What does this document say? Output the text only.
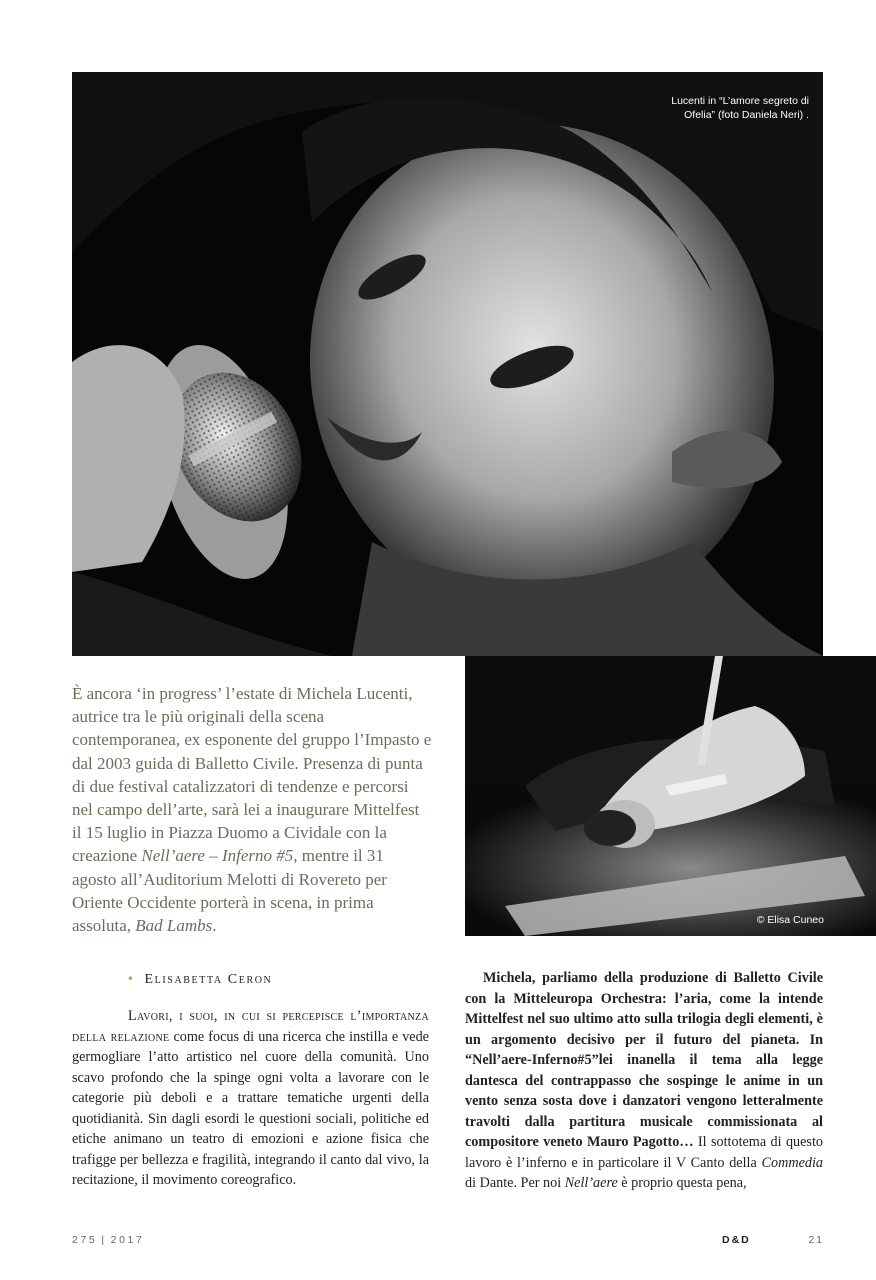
Lucenti in “L’amore segreto di Ofelia” (foto Daniela Neri) .
© Elisa Cuneo

È ancora ‘in progress’ l’estate di Michela Lucenti, autrice tra le più originali della scena contemporanea, ex esponente del gruppo l’Impasto e dal 2003 guida di Balletto Civile. Presenza di punta di due festival catalizzatori di tendenze e percorsi nel campo dell’arte, sarà lei a inaugurare Mittelfest il 15 luglio in Piazza Duomo a Cividale con la creazione Nell’aere – Inferno #5, mentre il 31 agosto all’Auditorium Melotti di Rovereto per Oriente Occidente porterà in scena, in prima assoluta, Bad Lambs.

• Elisabetta Ceron

Lavori, i suoi, in cui si percepisce l’importanza della relazione come focus di una ricerca che instilla e vede germogliare l’atto artistico nel cuore della comunità. Uno scavo profondo che la spinge ogni volta a lavorare con le categorie più deboli e a trattare tematiche urgenti della quotidianità. Sin dagli esordi le questioni sociali, politiche ed etiche animano un teatro di emozioni e azione fisica che trafigge per bellezza e fragilità, integrando il canto dal vivo, la recitazione, il movimento coreografico.

Michela, parliamo della produzione di Balletto Civile con la Mitteleuropa Orchestra: l’aria, come la intende Mittelfest nel suo ultimo atto sulla trilogia degli elementi, è un argomento decisivo per il futuro del pianeta. In “Nell’aere-Inferno#5”lei inanella il tema alla legge dantesca del contrappasso che sospinge le anime in un vento senza sosta dove i danzatori vengono letteralmente travolti dalla partitura musicale commissionata al compositore veneto Mauro Pagotto… Il sottotema di questo lavoro è l’inferno e in particolare il V Canto della Commedia di Dante. Per noi Nell’aere è proprio questa pena,

275 | 2017	D&D	21
